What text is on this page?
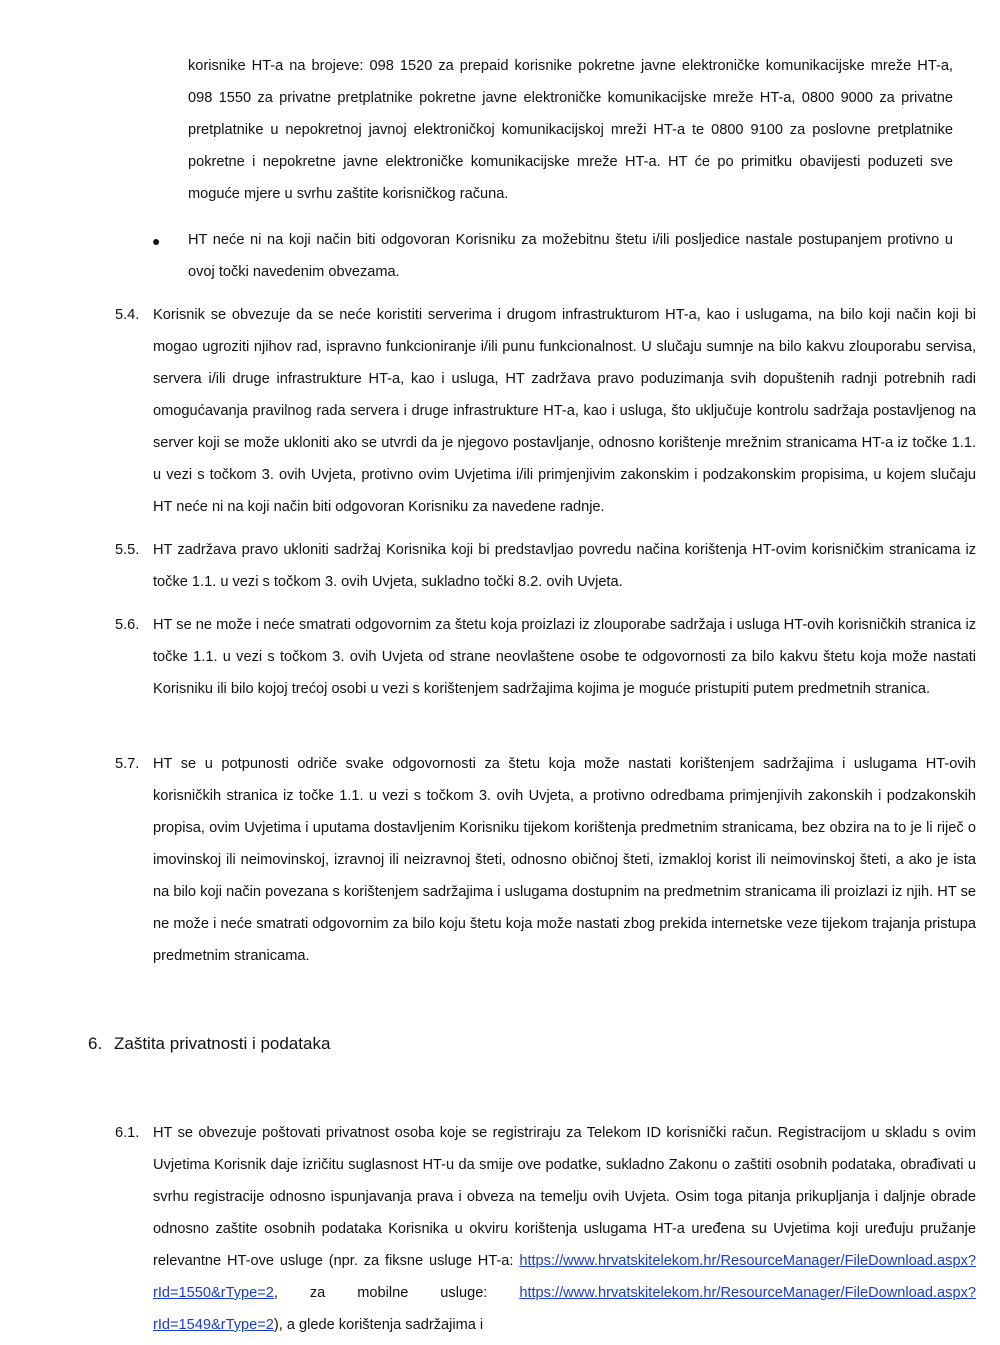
korisnike HT-a na brojeve: 098 1520 za prepaid korisnike pokretne javne elektroničke komunikacijske mreže HT-a, 098 1550 za privatne pretplatnike pokretne javne elektroničke komunikacijske mreže HT-a, 0800 9000 za privatne pretplatnike u nepokretnoj javnoj elektroničkoj komunikacijskoj mreži HT-a te 0800 9100 za poslovne pretplatnike pokretne i nepokretne javne elektroničke komunikacijske mreže HT-a. HT će po primitku obavijesti poduzeti sve moguće mjere u svrhu zaštite korisničkog računa.

● HT neće ni na koji način biti odgovoran Korisniku za možebitnu štetu i/ili posljedice nastale postupanjem protivno u ovoj točki navedenim obvezama.

5.4. Korisnik se obvezuje da se neće koristiti serverima i drugom infrastrukturom HT-a, kao i uslugama, na bilo koji način koji bi mogao ugroziti njihov rad, ispravno funkcioniranje i/ili punu funkcionalnost. U slučaju sumnje na bilo kakvu zlouporabu servisa, servera i/ili druge infrastrukture HT-a, kao i usluga, HT zadržava pravo poduzimanja svih dopuštenih radnji potrebnih radi omogućavanja pravilnog rada servera i druge infrastrukture HT-a, kao i usluga, što uključuje kontrolu sadržaja postavljenog na server koji se može ukloniti ako se utvrdi da je njegovo postavljanje, odnosno korištenje mrežnim stranicama HT-a iz točke 1.1. u vezi s točkom 3. ovih Uvjeta, protivno ovim Uvjetima i/ili primjenjivim zakonskim i podzakonskim propisima, u kojem slučaju HT neće ni na koji način biti odgovoran Korisniku za navedene radnje.

5.5. HT zadržava pravo ukloniti sadržaj Korisnika koji bi predstavljao povredu načina korištenja HT-ovim korisničkim stranicama iz točke 1.1. u vezi s točkom 3. ovih Uvjeta, sukladno točki 8.2. ovih Uvjeta.

5.6. HT se ne može i neće smatrati odgovornim za štetu koja proizlazi iz zlouporabe sadržaja i usluga HT-ovih korisničkih stranica iz točke 1.1. u vezi s točkom 3. ovih Uvjeta od strane neovlaštene osobe te odgovornosti za bilo kakvu štetu koja može nastati Korisniku ili bilo kojoj trećoj osobi u vezi s korištenjem sadržajima kojima je moguće pristupiti putem predmetnih stranica.

5.7. HT se u potpunosti odriče svake odgovornosti za štetu koja može nastati korištenjem sadržajima i uslugama HT-ovih korisničkih stranica iz točke 1.1. u vezi s točkom 3. ovih Uvjeta, a protivno odredbama primjenjivih zakonskih i podzakonskih propisa, ovim Uvjetima i uputama dostavljenim Korisniku tijekom korištenja predmetnim stranicama, bez obzira na to je li riječ o imovinskoj ili neimovinskoj, izravnoj ili neizravnoj šteti, odnosno običnoj šteti, izmakloj korist ili neimovinskoj šteti, a ako je ista na bilo koji način povezana s korištenjem sadržajima i uslugama dostupnim na predmetnim stranicama ili proizlazi iz njih. HT se ne može i neće smatrati odgovornim za bilo koju štetu koja može nastati zbog prekida internetske veze tijekom trajanja pristupa predmetnim stranicama.

6. Zaštita privatnosti i podataka
6.1. HT se obvezuje poštovati privatnost osoba koje se registriraju za Telekom ID korisnički račun. Registracijom u skladu s ovim Uvjetima Korisnik daje izričitu suglasnost HT-u da smije ove podatke, sukladno Zakonu o zaštiti osobnih podataka, obrađivati u svrhu registracije odnosno ispunjavanja prava i obveza na temelju ovih Uvjeta. Osim toga pitanja prikupljanja i daljnje obrade odnosno zaštite osobnih podataka Korisnika u okviru korištenja uslugama HT-a uređena su Uvjetima koji uređuju pružanje relevantne HT-ove usluge (npr. za fiksne usluge HT-a: https://www.hrvatskitelekom.hr/ResourceManager/FileDownload.aspx?rId=1550&rType=2, za mobilne usluge: https://www.hrvatskitelekom.hr/ResourceManager/FileDownload.aspx?rId=1549&rType=2), a glede korištenja sadržajima i
